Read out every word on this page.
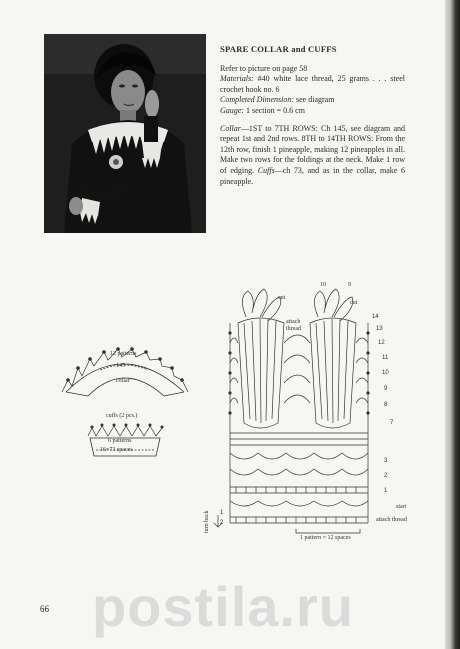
SPARE COLLAR and CUFFS

Refer to picture on page 58
Materials: #40 white lace thread, 25 grams . . . steel crochet hook no. 6
Completed Dimension: see diagram
Gauge: 1 section = 0.6 cm

Collar—1ST to 7TH ROWS: Ch 145, see diagram and repeat 1st and 2nd rows. 8TH to 14TH ROWS: From the 12th row, finish 1 pineapple, making 12 pineapples in all. Make two rows for the foldings at the neck. Make 1 row of edging. Cuffs—ch 73, and as in the collar, make 6 pineapple.

12 patterns
145
collar
cuffs (2 pcs.)
6 patterns
16=73 spaces
10	9
cut
cut
attach thread
14
13
12
11
10
9
8
7
3
2
1
start
attach thread
turn back 1
2
1 pattern = 12 spaces
66 postila.ru
